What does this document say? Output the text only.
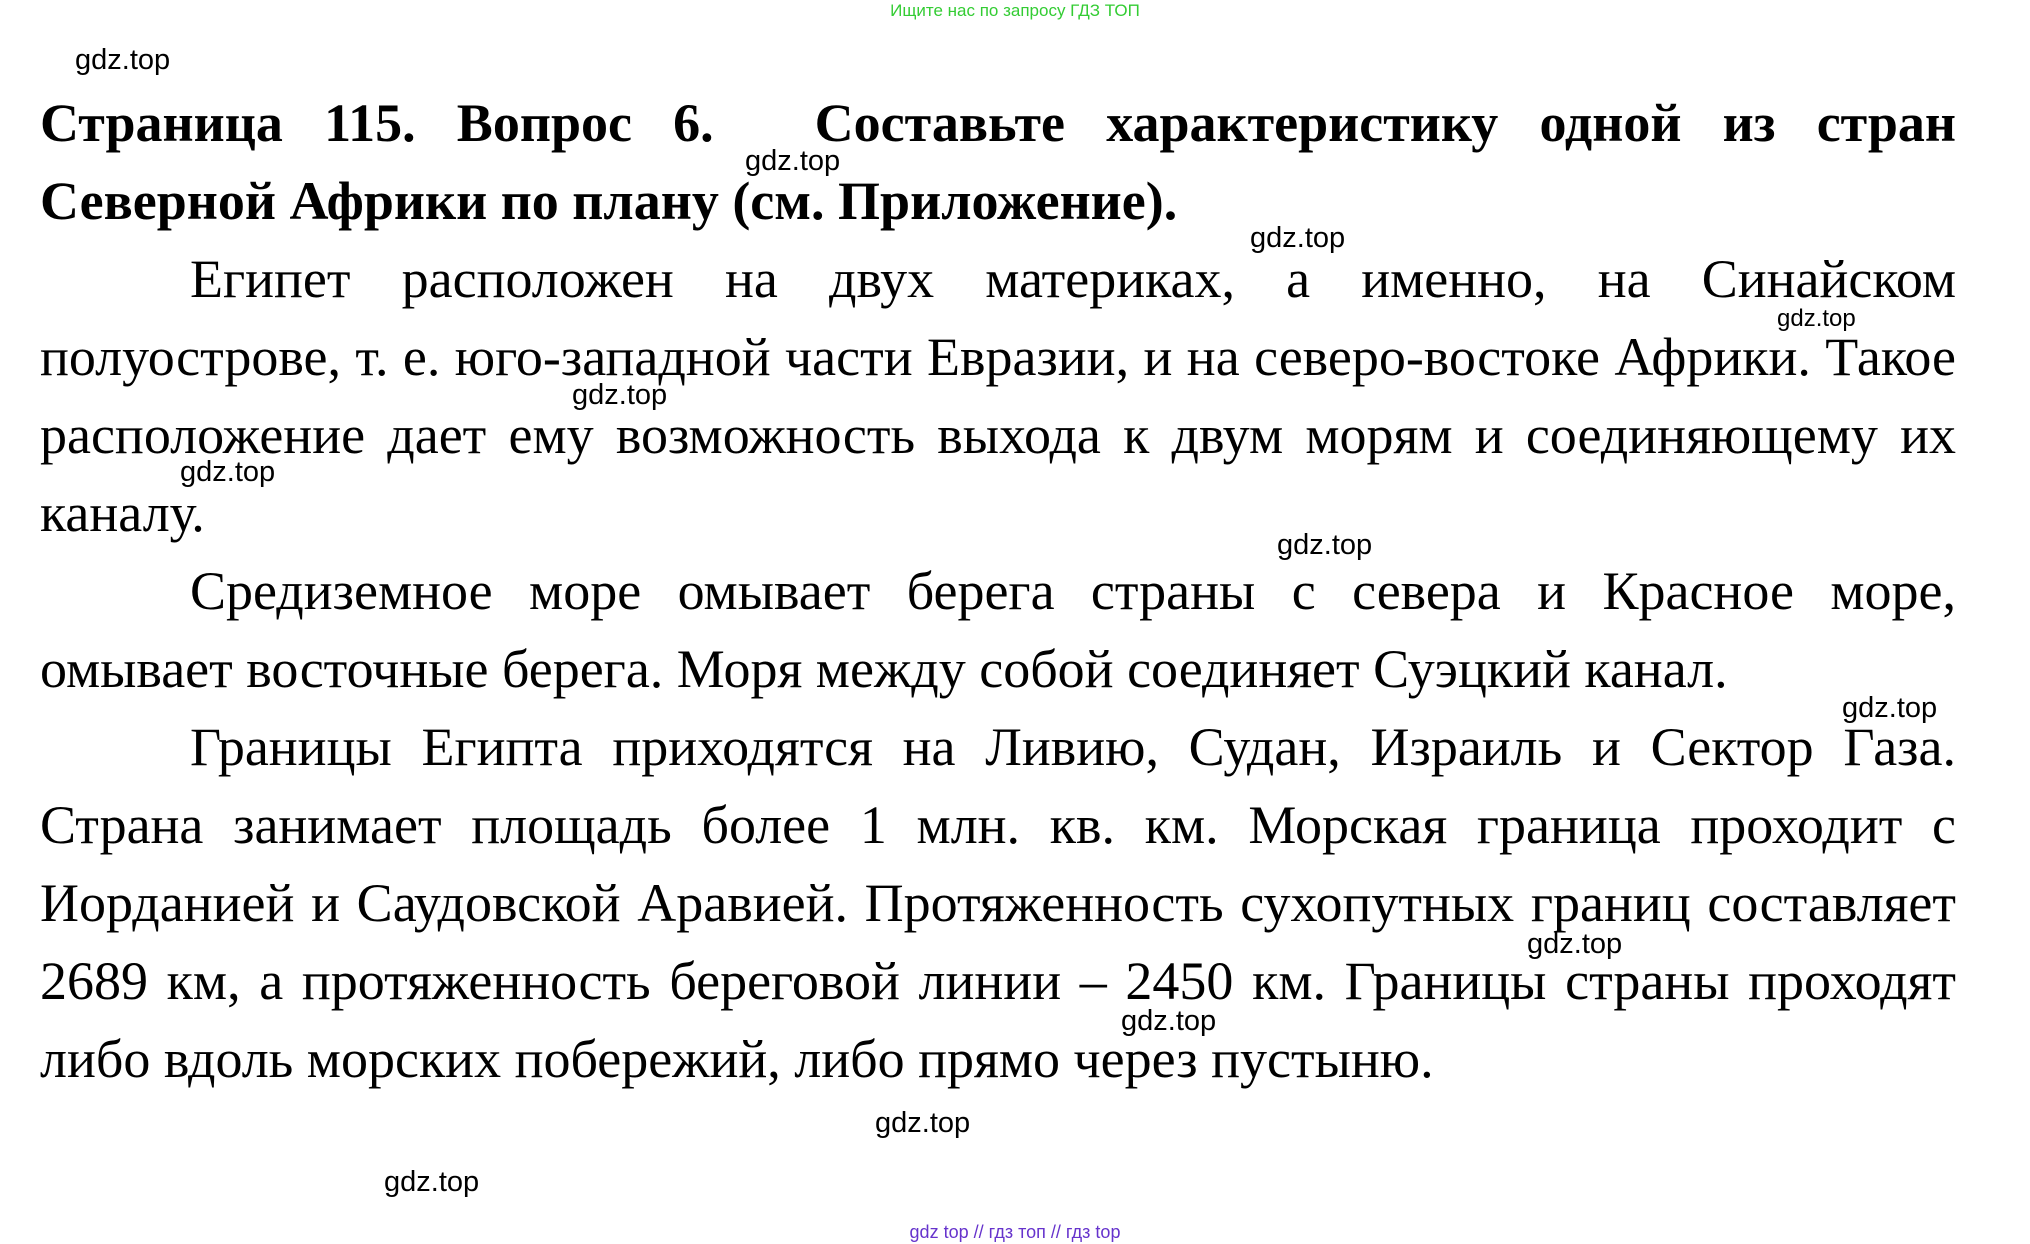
Ищите нас по запросу ГДЗ ТОП
gdz.top
gdz.top
gdz.top
gdz.top
gdz.top
gdz.top
gdz.top
gdz.top
gdz.top
gdz.top
gdz.top
gdz.top

Страница 115. Вопрос 6. Составьте характеристику одной из стран Северной Африки по плану (см. Приложение).

Египет расположен на двух материках, а именно, на Синайском полуострове, т. е. юго-западной части Евразии, и на северо-востоке Африки. Такое расположение дает ему возможность выхода к двум морям и соединяющему их каналу.

Средиземное море омывает берега страны с севера и Красное море, омывает восточные берега. Моря между собой соединяет Суэцкий канал.

Границы Египта приходятся на Ливию, Судан, Израиль и Сектор Газа. Страна занимает площадь более 1 млн. кв. км. Морская граница проходит с Иорданией и Саудовской Аравией. Протяженность сухопутных границ составляет 2689 км, а протяженность береговой линии – 2450 км. Границы страны проходят либо вдоль морских побережий, либо прямо через пустыню.

gdz top // гдз топ // гдз top
